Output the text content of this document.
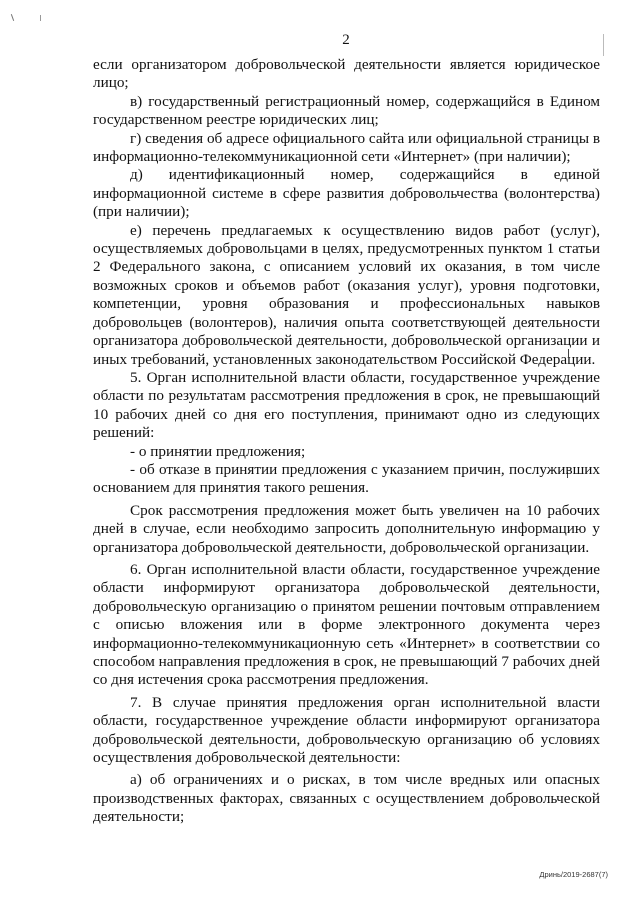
2

если организатором добровольческой деятельности является юридическое лицо;

в) государственный регистрационный номер, содержащийся в Едином государственном реестре юридических лиц;

г) сведения об адресе официального сайта или официальной страницы в информационно-телекоммуникационной сети «Интернет» (при наличии);

д) идентификационный номер, содержащийся в единой информационной системе в сфере развития добровольчества (волонтерства) (при наличии);

е) перечень предлагаемых к осуществлению видов работ (услуг), осуществляемых добровольцами в целях, предусмотренных пунктом 1 статьи 2 Федерального закона, с описанием условий их оказания, в том числе возможных сроков и объемов работ (оказания услуг), уровня подготовки, компетенции, уровня образования и профессиональных навыков добровольцев (волонтеров), наличия опыта соответствующей деятельности организатора добровольческой деятельности, добровольческой организации и иных требований, установленных законодательством Российской Федерации.

5. Орган исполнительной власти области, государственное учреждение области по результатам рассмотрения предложения в срок, не превышающий 10 рабочих дней со дня его поступления, принимают одно из следующих решений:

- о принятии предложения;

- об отказе в принятии предложения с указанием причин, послуживших основанием для принятия такого решения.

Срок рассмотрения предложения может быть увеличен на 10 рабочих дней в случае, если необходимо запросить дополнительную информацию у организатора добровольческой деятельности, добровольческой организации.

6. Орган исполнительной власти области, государственное учреждение области информируют организатора добровольческой деятельности, добровольческую организацию о принятом решении почтовым отправлением с описью вложения или в форме электронного документа через информационно-телекоммуникационную сеть «Интернет» в соответствии со способом направления предложения в срок, не превышающий 7 рабочих дней со дня истечения срока рассмотрения предложения.

7. В случае принятия предложения орган исполнительной власти области, государственное учреждение области информируют организатора добровольческой деятельности, добровольческую организацию об условиях осуществления добровольческой деятельности:

а) об ограничениях и о рисках, в том числе вредных или опасных производственных факторах, связанных с осуществлением добровольческой деятельности;

Дринь/2019-2687(7)
